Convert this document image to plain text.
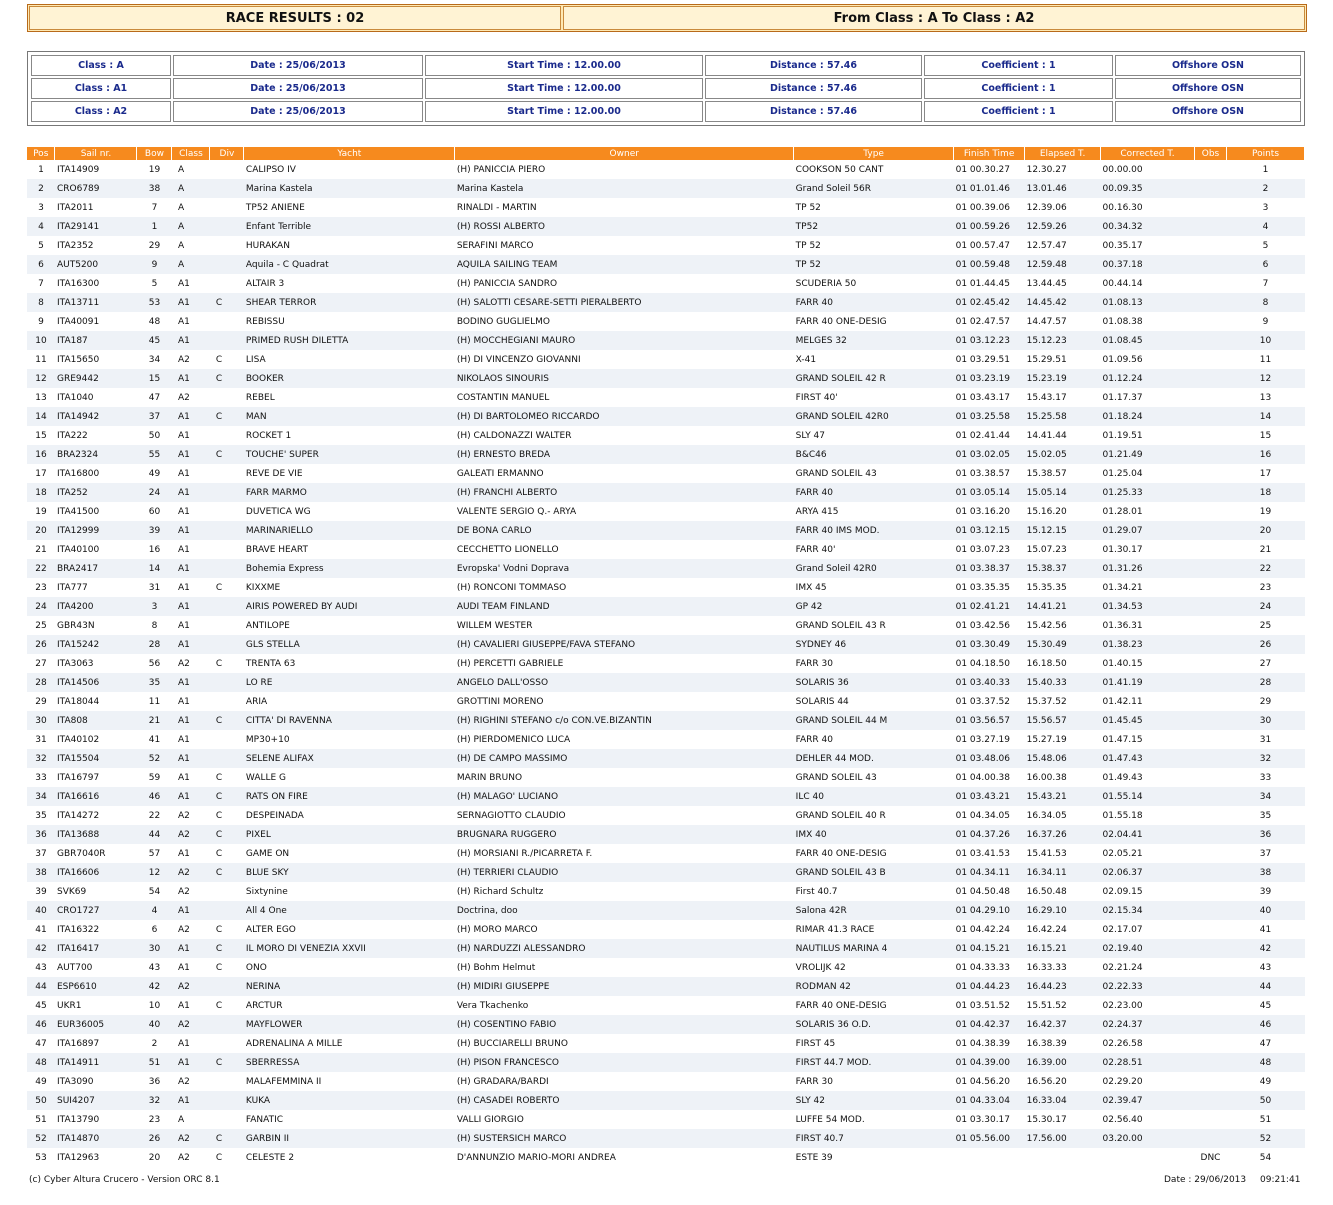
RACE RESULTS : 02	From Class : A To Class : A2
Class : A	Date : 25/06/2013	Start Time : 12.00.00	Distance : 57.46	Coefficient : 1	Offshore OSN
Class : A1	Date : 25/06/2013	Start Time : 12.00.00	Distance : 57.46	Coefficient : 1	Offshore OSN
Class : A2	Date : 25/06/2013	Start Time : 12.00.00	Distance : 57.46	Coefficient : 1	Offshore OSN
Pos	Sail nr.	Bow	Class	Div	Yacht	Owner	Type	Finish Time	Elapsed T.	Corrected T.	Obs	Points
1	ITA14909	19	A		CALIPSO IV	(H) PANICCIA PIERO	COOKSON 50 CANT	01 00.30.27	12.30.27	00.00.00		1
2	CRO6789	38	A		Marina Kastela	Marina Kastela	Grand Soleil 56R	01 01.01.46	13.01.46	00.09.35		2
3	ITA2011	7	A		TP52 ANIENE	RINALDI - MARTIN	TP 52	01 00.39.06	12.39.06	00.16.30		3
4	ITA29141	1	A		Enfant Terrible	(H) ROSSI ALBERTO	TP52	01 00.59.26	12.59.26	00.34.32		4
5	ITA2352	29	A		HURAKAN	SERAFINI MARCO	TP 52	01 00.57.47	12.57.47	00.35.17		5
6	AUT5200	9	A		Aquila - C Quadrat	AQUILA SAILING TEAM	TP 52	01 00.59.48	12.59.48	00.37.18		6
7	ITA16300	5	A1		ALTAIR 3	(H) PANICCIA SANDRO	SCUDERIA 50	01 01.44.45	13.44.45	00.44.14		7
8	ITA13711	53	A1	C	SHEAR TERROR	(H) SALOTTI CESARE-SETTI PIERALBERTO	FARR 40	01 02.45.42	14.45.42	01.08.13		8
9	ITA40091	48	A1		REBISSU	BODINO GUGLIELMO	FARR 40 ONE-DESIG	01 02.47.57	14.47.57	01.08.38		9
10	ITA187	45	A1		PRIMED RUSH DILETTA	(H) MOCCHEGIANI MAURO	MELGES 32	01 03.12.23	15.12.23	01.08.45		10
11	ITA15650	34	A2	C	LISA	(H) DI VINCENZO GIOVANNI	X-41	01 03.29.51	15.29.51	01.09.56		11
12	GRE9442	15	A1	C	BOOKER	NIKOLAOS SINOURIS	GRAND SOLEIL 42 R	01 03.23.19	15.23.19	01.12.24		12
13	ITA1040	47	A2		REBEL	COSTANTIN MANUEL	FIRST 40'	01 03.43.17	15.43.17	01.17.37		13
14	ITA14942	37	A1	C	MAN	(H) DI BARTOLOMEO RICCARDO	GRAND SOLEIL 42R0	01 03.25.58	15.25.58	01.18.24		14
15	ITA222	50	A1		ROCKET 1	(H) CALDONAZZI WALTER	SLY 47	01 02.41.44	14.41.44	01.19.51		15
16	BRA2324	55	A1	C	TOUCHE' SUPER	(H) ERNESTO BREDA	B&C46	01 03.02.05	15.02.05	01.21.49		16
17	ITA16800	49	A1		REVE DE VIE	GALEATI ERMANNO	GRAND SOLEIL 43	01 03.38.57	15.38.57	01.25.04		17
18	ITA252	24	A1		FARR MARMO	(H) FRANCHI ALBERTO	FARR 40	01 03.05.14	15.05.14	01.25.33		18
19	ITA41500	60	A1		DUVETICA WG	VALENTE SERGIO Q.- ARYA	ARYA 415	01 03.16.20	15.16.20	01.28.01		19
20	ITA12999	39	A1		MARINARIELLO	DE BONA CARLO	FARR 40 IMS MOD.	01 03.12.15	15.12.15	01.29.07		20
21	ITA40100	16	A1		BRAVE HEART	CECCHETTO LIONELLO	FARR 40'	01 03.07.23	15.07.23	01.30.17		21
22	BRA2417	14	A1		Bohemia Express	Evropska' Vodni Doprava	Grand Soleil 42R0	01 03.38.37	15.38.37	01.31.26		22
23	ITA777	31	A1	C	KIXXME	(H) RONCONI TOMMASO	IMX 45	01 03.35.35	15.35.35	01.34.21		23
24	ITA4200	3	A1		AIRIS POWERED BY AUDI	AUDI TEAM FINLAND	GP 42	01 02.41.21	14.41.21	01.34.53		24
25	GBR43N	8	A1		ANTILOPE	WILLEM WESTER	GRAND SOLEIL 43 R	01 03.42.56	15.42.56	01.36.31		25
26	ITA15242	28	A1		GLS STELLA	(H) CAVALIERI GIUSEPPE/FAVA STEFANO	SYDNEY 46	01 03.30.49	15.30.49	01.38.23		26
27	ITA3063	56	A2	C	TRENTA 63	(H) PERCETTI GABRIELE	FARR 30	01 04.18.50	16.18.50	01.40.15		27
28	ITA14506	35	A1		LO RE	ANGELO DALL'OSSO	SOLARIS 36	01 03.40.33	15.40.33	01.41.19		28
29	ITA18044	11	A1		ARIA	GROTTINI MORENO	SOLARIS 44	01 03.37.52	15.37.52	01.42.11		29
30	ITA808	21	A1	C	CITTA' DI RAVENNA	(H) RIGHINI STEFANO c/o CON.VE.BIZANTIN	GRAND SOLEIL 44 M	01 03.56.57	15.56.57	01.45.45		30
31	ITA40102	41	A1		MP30+10	(H) PIERDOMENICO LUCA	FARR 40	01 03.27.19	15.27.19	01.47.15		31
32	ITA15504	52	A1		SELENE ALIFAX	(H) DE CAMPO MASSIMO	DEHLER 44 MOD.	01 03.48.06	15.48.06	01.47.43		32
33	ITA16797	59	A1	C	WALLE G	MARIN BRUNO	GRAND SOLEIL 43	01 04.00.38	16.00.38	01.49.43		33
34	ITA16616	46	A1	C	RATS ON FIRE	(H) MALAGO' LUCIANO	ILC 40	01 03.43.21	15.43.21	01.55.14		34
35	ITA14272	22	A2	C	DESPEINADA	SERNAGIOTTO CLAUDIO	GRAND SOLEIL 40 R	01 04.34.05	16.34.05	01.55.18		35
36	ITA13688	44	A2	C	PIXEL	BRUGNARA RUGGERO	IMX 40	01 04.37.26	16.37.26	02.04.41		36
37	GBR7040R	57	A1	C	GAME ON	(H) MORSIANI R./PICARRETA F.	FARR 40 ONE-DESIG	01 03.41.53	15.41.53	02.05.21		37
38	ITA16606	12	A2	C	BLUE SKY	(H) TERRIERI CLAUDIO	GRAND SOLEIL 43 B	01 04.34.11	16.34.11	02.06.37		38
39	SVK69	54	A2		Sixtynine	(H) Richard Schultz	First 40.7	01 04.50.48	16.50.48	02.09.15		39
40	CRO1727	4	A1		All 4 One	Doctrina, doo	Salona 42R	01 04.29.10	16.29.10	02.15.34		40
41	ITA16322	6	A2	C	ALTER EGO	(H) MORO MARCO	RIMAR 41.3 RACE	01 04.42.24	16.42.24	02.17.07		41
42	ITA16417	30	A1	C	IL MORO DI VENEZIA XXVII	(H) NARDUZZI ALESSANDRO	NAUTILUS MARINA 4	01 04.15.21	16.15.21	02.19.40		42
43	AUT700	43	A1	C	ONO	(H) Bohm Helmut	VROLIJK 42	01 04.33.33	16.33.33	02.21.24		43
44	ESP6610	42	A2		NERINA	(H) MIDIRI GIUSEPPE	RODMAN 42	01 04.44.23	16.44.23	02.22.33		44
45	UKR1	10	A1	C	ARCTUR	Vera Tkachenko	FARR 40 ONE-DESIG	01 03.51.52	15.51.52	02.23.00		45
46	EUR36005	40	A2		MAYFLOWER	(H) COSENTINO FABIO	SOLARIS 36 O.D.	01 04.42.37	16.42.37	02.24.37		46
47	ITA16897	2	A1		ADRENALINA A MILLE	(H) BUCCIARELLI BRUNO	FIRST 45	01 04.38.39	16.38.39	02.26.58		47
48	ITA14911	51	A1	C	SBERRESSA	(H) PISON FRANCESCO	FIRST 44.7 MOD.	01 04.39.00	16.39.00	02.28.51		48
49	ITA3090	36	A2		MALAFEMMINA II	(H) GRADARA/BARDI	FARR 30	01 04.56.20	16.56.20	02.29.20		49
50	SUI4207	32	A1		KUKA	(H) CASADEI ROBERTO	SLY 42	01 04.33.04	16.33.04	02.39.47		50
51	ITA13790	23	A		FANATIC	VALLI GIORGIO	LUFFE 54 MOD.	01 03.30.17	15.30.17	02.56.40		51
52	ITA14870	26	A2	C	GARBIN II	(H) SUSTERSICH MARCO	FIRST 40.7	01 05.56.00	17.56.00	03.20.00		52
53	ITA12963	20	A2	C	CELESTE 2	D'ANNUNZIO MARIO-MORI ANDREA	ESTE 39				DNC	54
(c) Cyber Altura Crucero - Version ORC 8.1	Date : 29/06/2013 09:21:41
